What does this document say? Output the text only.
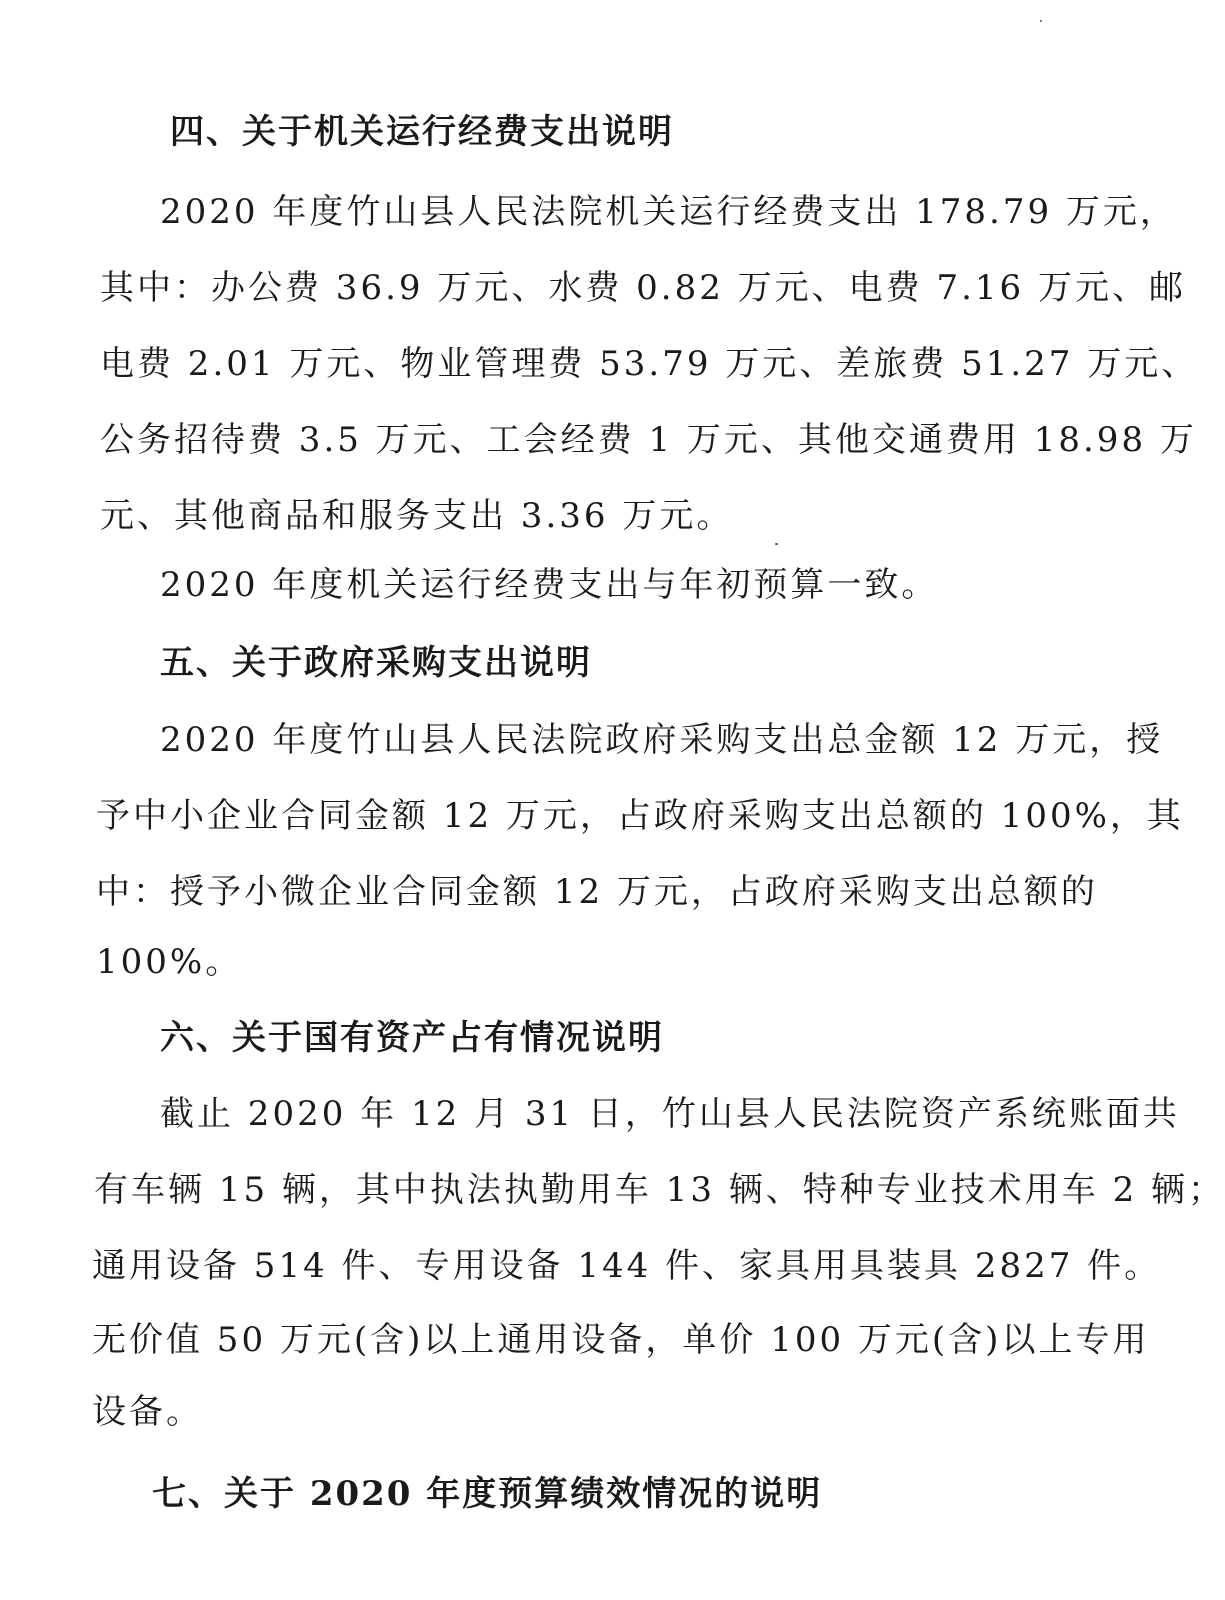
四、关于机关运行经费支出说明
2020 年度竹山县人民法院机关运行经费支出 178.79 万元，
其中：办公费 36.9 万元、水费 0.82 万元、电费 7.16 万元、邮
电费 2.01 万元、物业管理费 53.79 万元、差旅费 51.27 万元、
公务招待费 3.5 万元、工会经费 1 万元、其他交通费用 18.98 万
元、其他商品和服务支出 3.36 万元。
2020 年度机关运行经费支出与年初预算一致。
五、关于政府采购支出说明
2020 年度竹山县人民法院政府采购支出总金额 12 万元，授
予中小企业合同金额 12 万元，占政府采购支出总额的 100%，其
中：授予小微企业合同金额 12 万元，占政府采购支出总额的
100%。
六、关于国有资产占有情况说明
截止 2020 年 12 月 31 日，竹山县人民法院资产系统账面共
有车辆 15 辆，其中执法执勤用车 13 辆、特种专业技术用车 2 辆；
通用设备 514 件、专用设备 144 件、家具用具装具 2827 件。
无价值 50 万元(含)以上通用设备，单价 100 万元(含)以上专用
设备。
七、关于 2020 年度预算绩效情况的说明
